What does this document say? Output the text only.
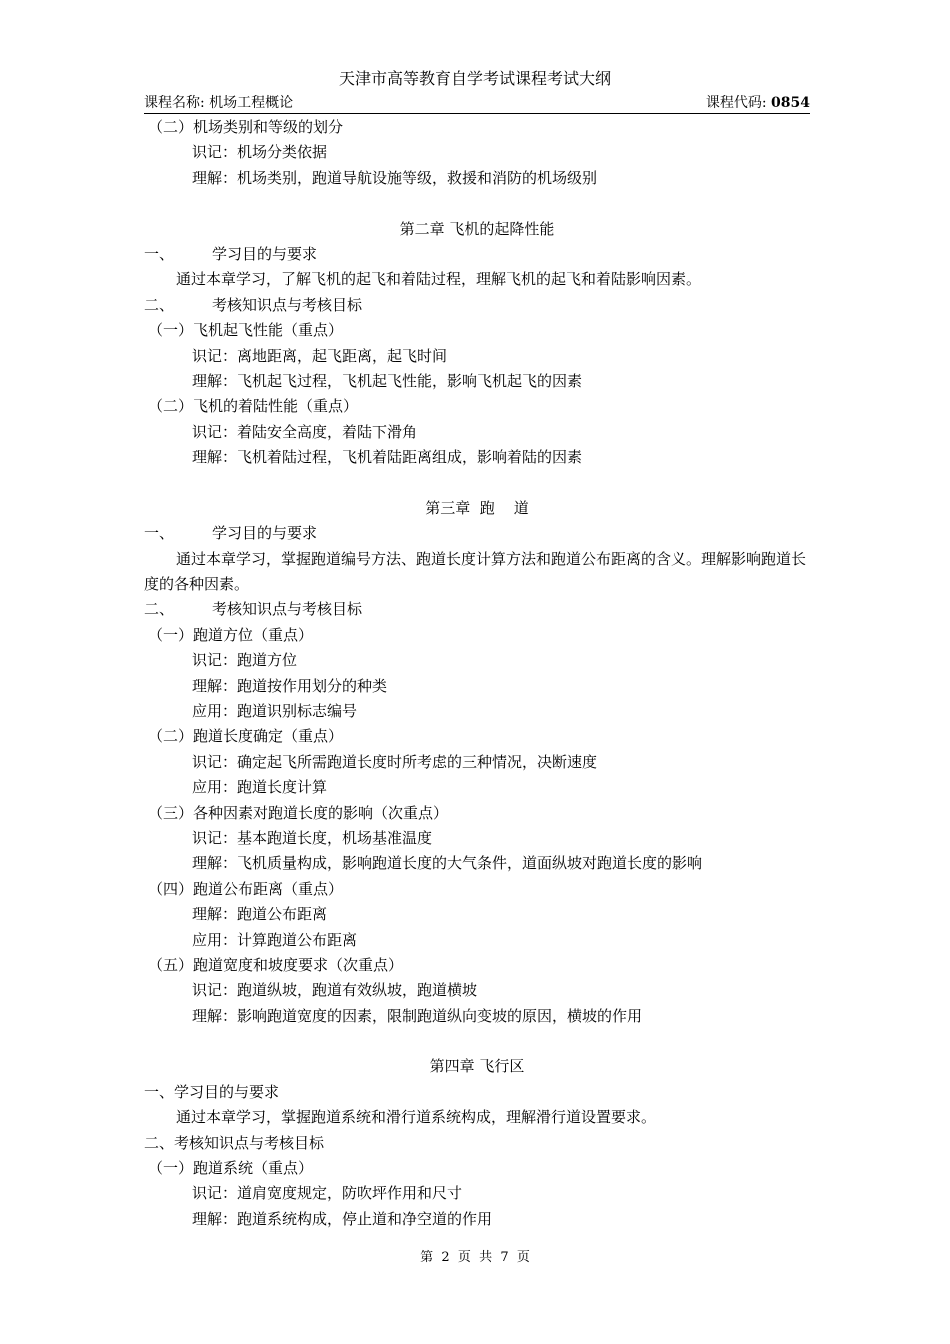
天津市高等教育自学考试课程考试大纲
课程名称: 机场工程概论	课程代码: 0854
（二）机场类别和等级的划分
识记：机场分类依据
理解：机场类别，跑道导航设施等级，救援和消防的机场级别
第二章 飞机的起降性能
一、	学习目的与要求
通过本章学习，了解飞机的起飞和着陆过程，理解飞机的起飞和着陆影响因素。
二、	考核知识点与考核目标
（一）飞机起飞性能（重点）
识记：离地距离，起飞距离，起飞时间
理解：飞机起飞过程，飞机起飞性能，影响飞机起飞的因素
（二）飞机的着陆性能（重点）
识记：着陆安全高度，着陆下滑角
理解：飞机着陆过程，飞机着陆距离组成，影响着陆的因素
第三章  跑    道
一、	学习目的与要求
通过本章学习，掌握跑道编号方法、跑道长度计算方法和跑道公布距离的含义。理解影响跑道长度的各种因素。
二、	考核知识点与考核目标
（一）跑道方位（重点）
识记：跑道方位
理解：跑道按作用划分的种类
应用：跑道识别标志编号
（二）跑道长度确定（重点）
识记：确定起飞所需跑道长度时所考虑的三种情况，决断速度
应用：跑道长度计算
（三）各种因素对跑道长度的影响（次重点）
识记：基本跑道长度，机场基准温度
理解：飞机质量构成，影响跑道长度的大气条件，道面纵坡对跑道长度的影响
（四）跑道公布距离（重点）
理解：跑道公布距离
应用：计算跑道公布距离
（五）跑道宽度和坡度要求（次重点）
识记：跑道纵坡，跑道有效纵坡，跑道横坡
理解：影响跑道宽度的因素，限制跑道纵向变坡的原因，横坡的作用
第四章 飞行区
一、学习目的与要求
通过本章学习，掌握跑道系统和滑行道系统构成，理解滑行道设置要求。
二、考核知识点与考核目标
（一）跑道系统（重点）
识记：道肩宽度规定，防吹坪作用和尺寸
理解：跑道系统构成，停止道和净空道的作用
第  2  页  共  7  页
